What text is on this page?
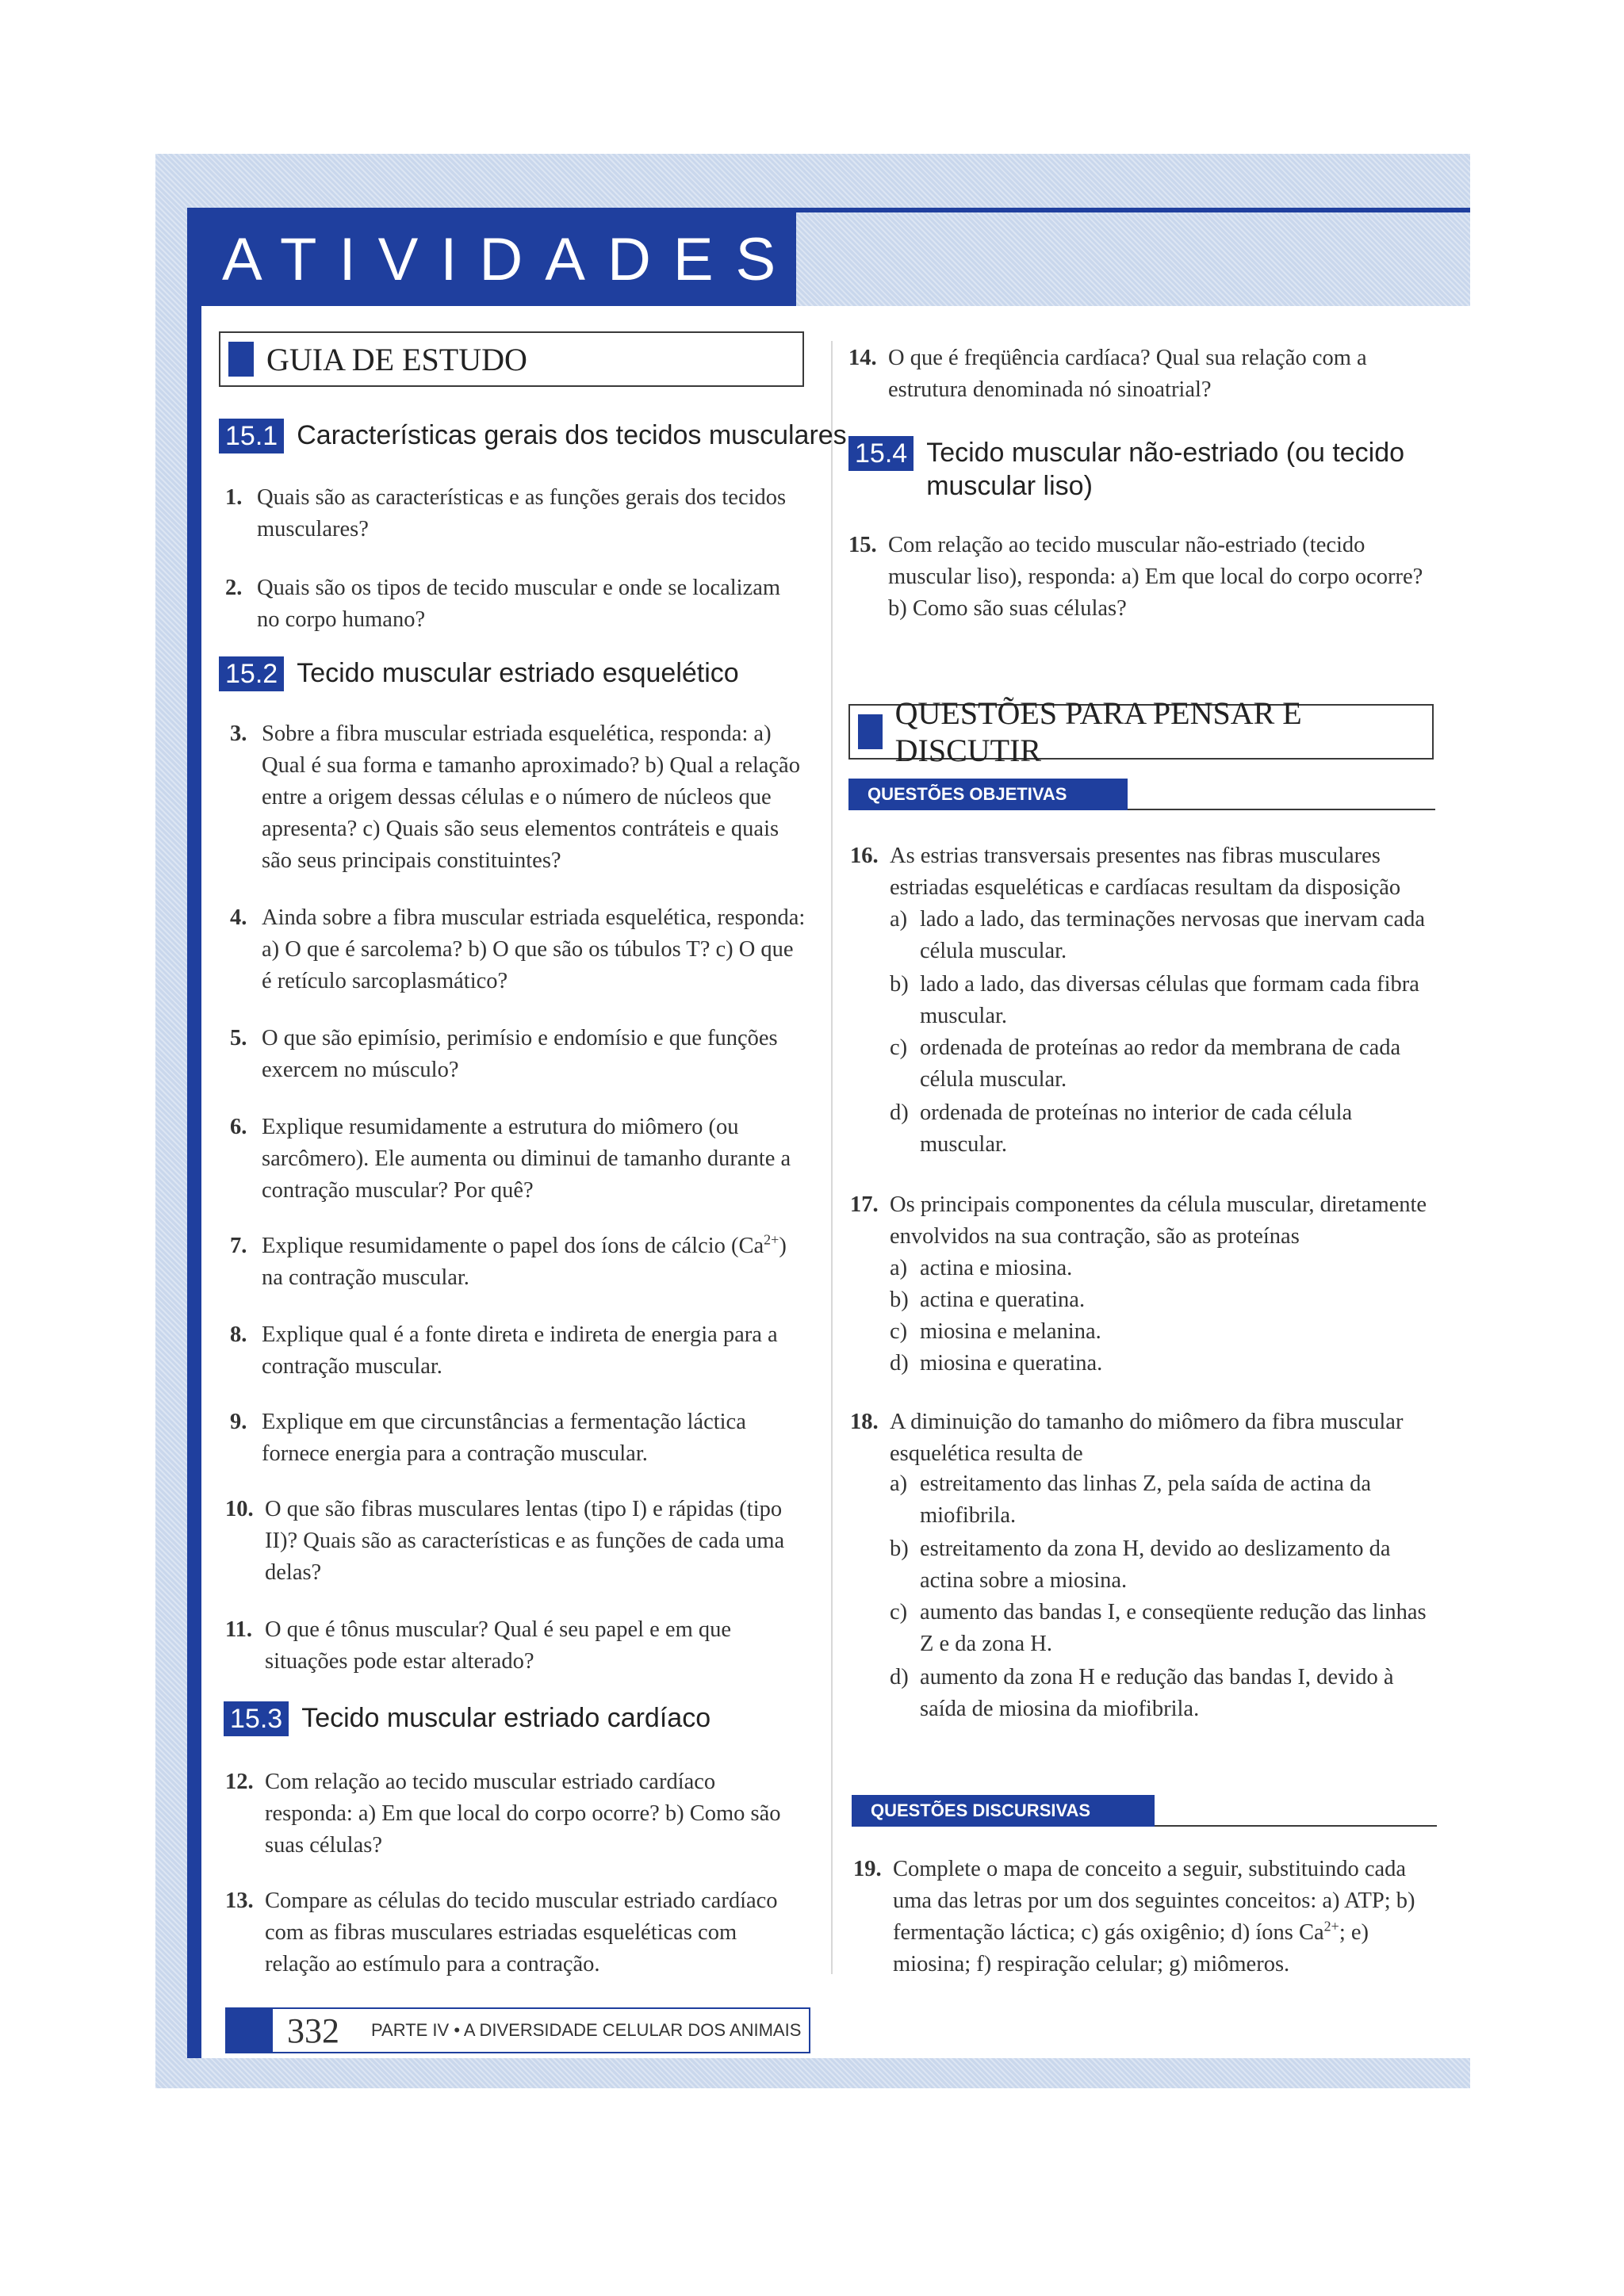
ATIVIDADES
GUIA DE ESTUDO
15.1 Características gerais dos tecidos musculares
1. Quais são as características e as funções gerais dos tecidos musculares?
2. Quais são os tipos de tecido muscular e onde se localizam no corpo humano?
15.2 Tecido muscular estriado esquelético
3. Sobre a fibra muscular estriada esquelética, responda: a) Qual é sua forma e tamanho aproximado? b) Qual a relação entre a origem dessas células e o número de núcleos que apresenta? c) Quais são seus elementos contráteis e quais são seus principais constituintes?
4. Ainda sobre a fibra muscular estriada esquelética, responda: a) O que é sarcolema? b) O que são os túbulos T? c) O que é retículo sarcoplasmático?
5. O que são epimísio, perimísio e endomísio e que funções exercem no músculo?
6. Explique resumidamente a estrutura do miômero (ou sarcômero). Ele aumenta ou diminui de tamanho durante a contração muscular? Por quê?
7. Explique resumidamente o papel dos íons de cálcio $(Ca^{2+})$ na contração muscular.
8. Explique qual é a fonte direta e indireta de energia para a contração muscular.
9. Explique em que circunstâncias a fermentação láctica fornece energia para a contração muscular.
10. O que são fibras musculares lentas (tipo I) e rápidas (tipo II)? Quais são as características e as funções de cada uma delas?
11. O que é tônus muscular? Qual é seu papel e em que situações pode estar alterado?
15.3 Tecido muscular estriado cardíaco
12. Com relação ao tecido muscular estriado cardíaco responda: a) Em que local do corpo ocorre? b) Como são suas células?
13. Compare as células do tecido muscular estriado cardíaco com as fibras musculares estriadas esqueléticas com relação ao estímulo para a contração.
14. O que é freqüência cardíaca? Qual sua relação com a estrutura denominada nó sinoatrial?
15.4 Tecido muscular não-estriado (ou tecido muscular liso)
15. Com relação ao tecido muscular não-estriado (tecido muscular liso), responda: a) Em que local do corpo ocorre? b) Como são suas células?
QUESTÕES PARA PENSAR E DISCUTIR
QUESTÕES OBJETIVAS
16. As estrias transversais presentes nas fibras musculares estriadas esqueléticas e cardíacas resultam da disposição
a) lado a lado, das terminações nervosas que inervam cada célula muscular.
b) lado a lado, das diversas células que formam cada fibra muscular.
c) ordenada de proteínas ao redor da membrana de cada célula muscular.
d) ordenada de proteínas no interior de cada célula muscular.
17. Os principais componentes da célula muscular, diretamente envolvidos na sua contração, são as proteínas
a) actina e miosina.
b) actina e queratina.
c) miosina e melanina.
d) miosina e queratina.
18. A diminuição do tamanho do miômero da fibra muscular esquelética resulta de
a) estreitamento das linhas Z, pela saída de actina da miofibrila.
b) estreitamento da zona H, devido ao deslizamento da actina sobre a miosina.
c) aumento das bandas I, e conseqüente redução das linhas Z e da zona H.
d) aumento da zona H e redução das bandas I, devido à saída de miosina da miofibrila.
QUESTÕES DISCURSIVAS
19. Complete o mapa de conceito a seguir, substituindo cada uma das letras por um dos seguintes conceitos: a) ATP; b) fermentação láctica; c) gás oxigênio; d) íons $Ca^{2+}$; e) miosina; f) respiração celular; g) miômeros.
332 PARTE IV • A DIVERSIDADE CELULAR DOS ANIMAIS
